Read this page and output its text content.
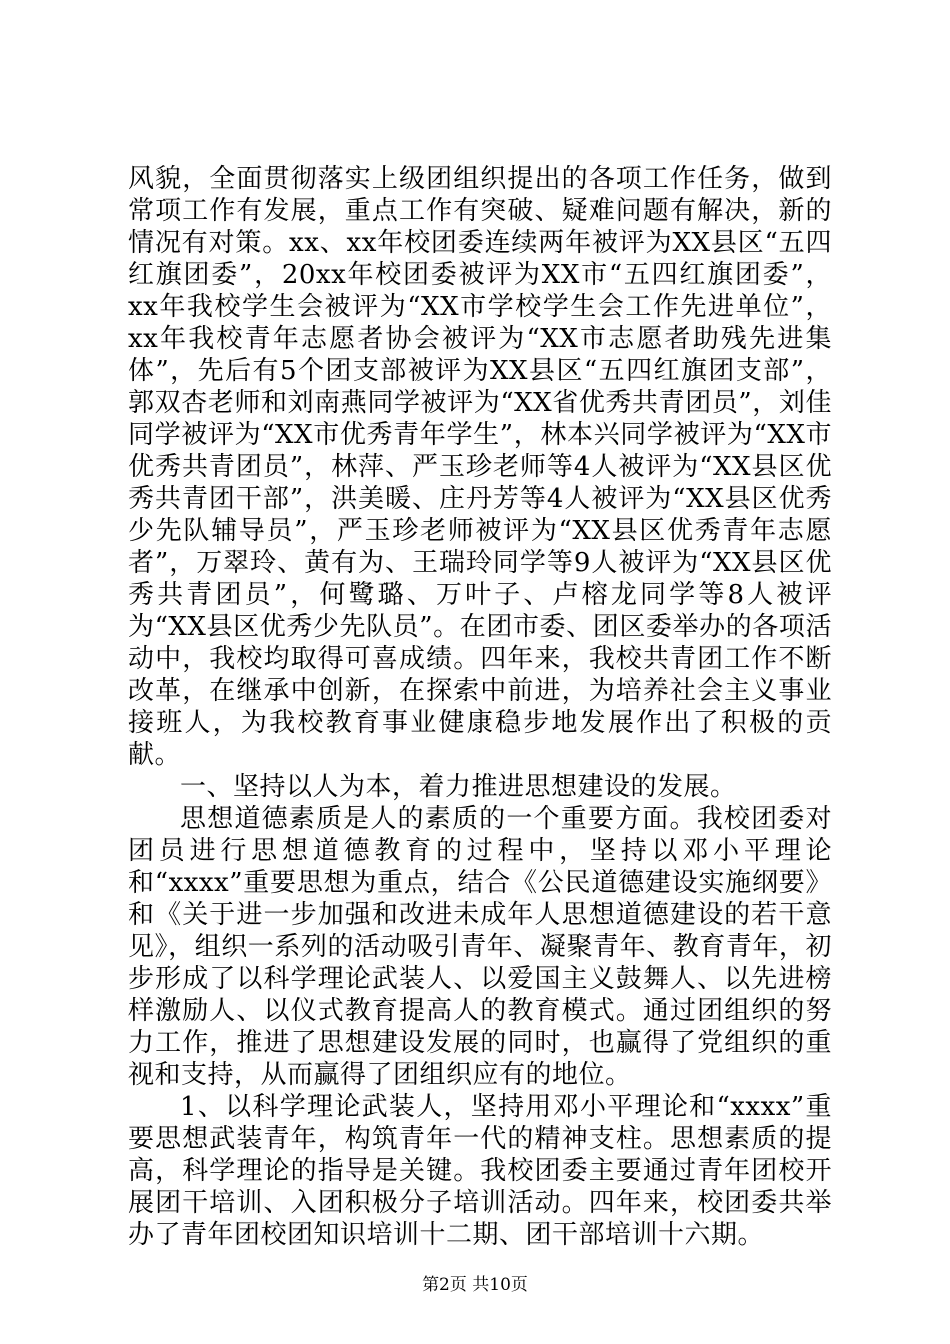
风貌，全面贯彻落实上级团组织提出的各项工作任务，做到常项工作有发展，重点工作有突破、疑难问题有解决，新的情况有对策。xx、xx年校团委连续两年被评为XX县区“五四红旗团委”，20xx年校团委被评为XX市“五四红旗团委”，xx年我校学生会被评为“XX市学校学生会工作先进单位”，xx年我校青年志愿者协会被评为“XX市志愿者助残先进集体”，先后有5个团支部被评为XX县区“五四红旗团支部”，郭双杏老师和刘南燕同学被评为“XX省优秀共青团员”，刘佳同学被评为“XX市优秀青年学生”，林本兴同学被评为“XX市优秀共青团员”，林萍、严玉珍老师等4人被评为“XX县区优秀共青团干部”，洪美暖、庄丹芳等4人被评为“XX县区优秀少先队辅导员”，严玉珍老师被评为“XX县区优秀青年志愿者”，万翠玲、黄有为、王瑞玲同学等9人被评为“XX县区优秀共青团员”，何鹭璐、万叶子、卢榕龙同学等8人被评为“XX县区优秀少先队员”。在团市委、团区委举办的各项活动中，我校均取得可喜成绩。四年来，我校共青团工作不断改革，在继承中创新，在探索中前进，为培养社会主义事业接班人，为我校教育事业健康稳步地发展作出了积极的贡献。

一、坚持以人为本，着力推进思想建设的发展。

思想道德素质是人的素质的一个重要方面。我校团委对团员进行思想道德教育的过程中，坚持以邓小平理论和“xxxx”重要思想为重点，结合《公民道德建设实施纲要》和《关于进一步加强和改进未成年人思想道德建设的若干意见》，组织一系列的活动吸引青年、凝聚青年、教育青年，初步形成了以科学理论武装人、以爱国主义鼓舞人、以先进榜样激励人、以仪式教育提高人的教育模式。通过团组织的努力工作，推进了思想建设发展的同时，也赢得了党组织的重视和支持，从而赢得了团组织应有的地位。

1、以科学理论武装人，坚持用邓小平理论和“xxxx”重要思想武装青年，构筑青年一代的精神支柱。思想素质的提高，科学理论的指导是关键。我校团委主要通过青年团校开展团干培训、入团积极分子培训活动。四年来，校团委共举办了青年团校团知识培训十二期、团干部培训十六期。

第2页 共10页
